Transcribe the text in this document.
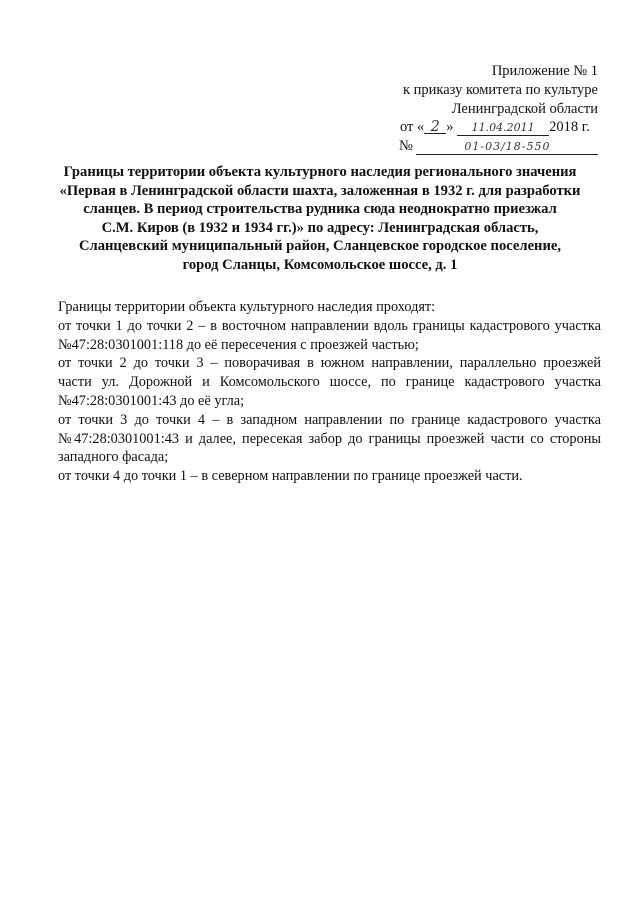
Приложение № 1
к приказу комитета по культуре
Ленинградской области
от « 2 » 11.04.2011 2018 г.
№	01-03/18-550
Границы территории объекта культурного наследия регионального значения
«Первая в Ленинградской области шахта, заложенная в 1932 г. для разработки
сланцев. В период строительства рудника сюда неоднократно приезжал
С.М. Киров (в 1932 и 1934 гг.)» по адресу: Ленинградская область,
Сланцевский муниципальный район, Сланцевское городское поселение,
город Сланцы, Комсомольское шоссе, д. 1

Границы территории объекта культурного наследия проходят:

от точки 1 до точки 2 – в восточном направлении вдоль границы кадастрового участка

№47:28:0301001:118 до её пересечения с проезжей частью;

от точки 2 до точки 3 – поворачивая в южном направлении, параллельно проезжей

части ул. Дорожной и Комсомольского шоссе, по границе кадастрового участка

№47:28:0301001:43 до её угла;

от точки 3 до точки 4 – в западном направлении по границе кадастрового участка

№47:28:0301001:43 и далее, пересекая забор до границы проезжей части со стороны

западного фасада;

от точки 4 до точки 1 – в северном направлении по границе проезжей части.
